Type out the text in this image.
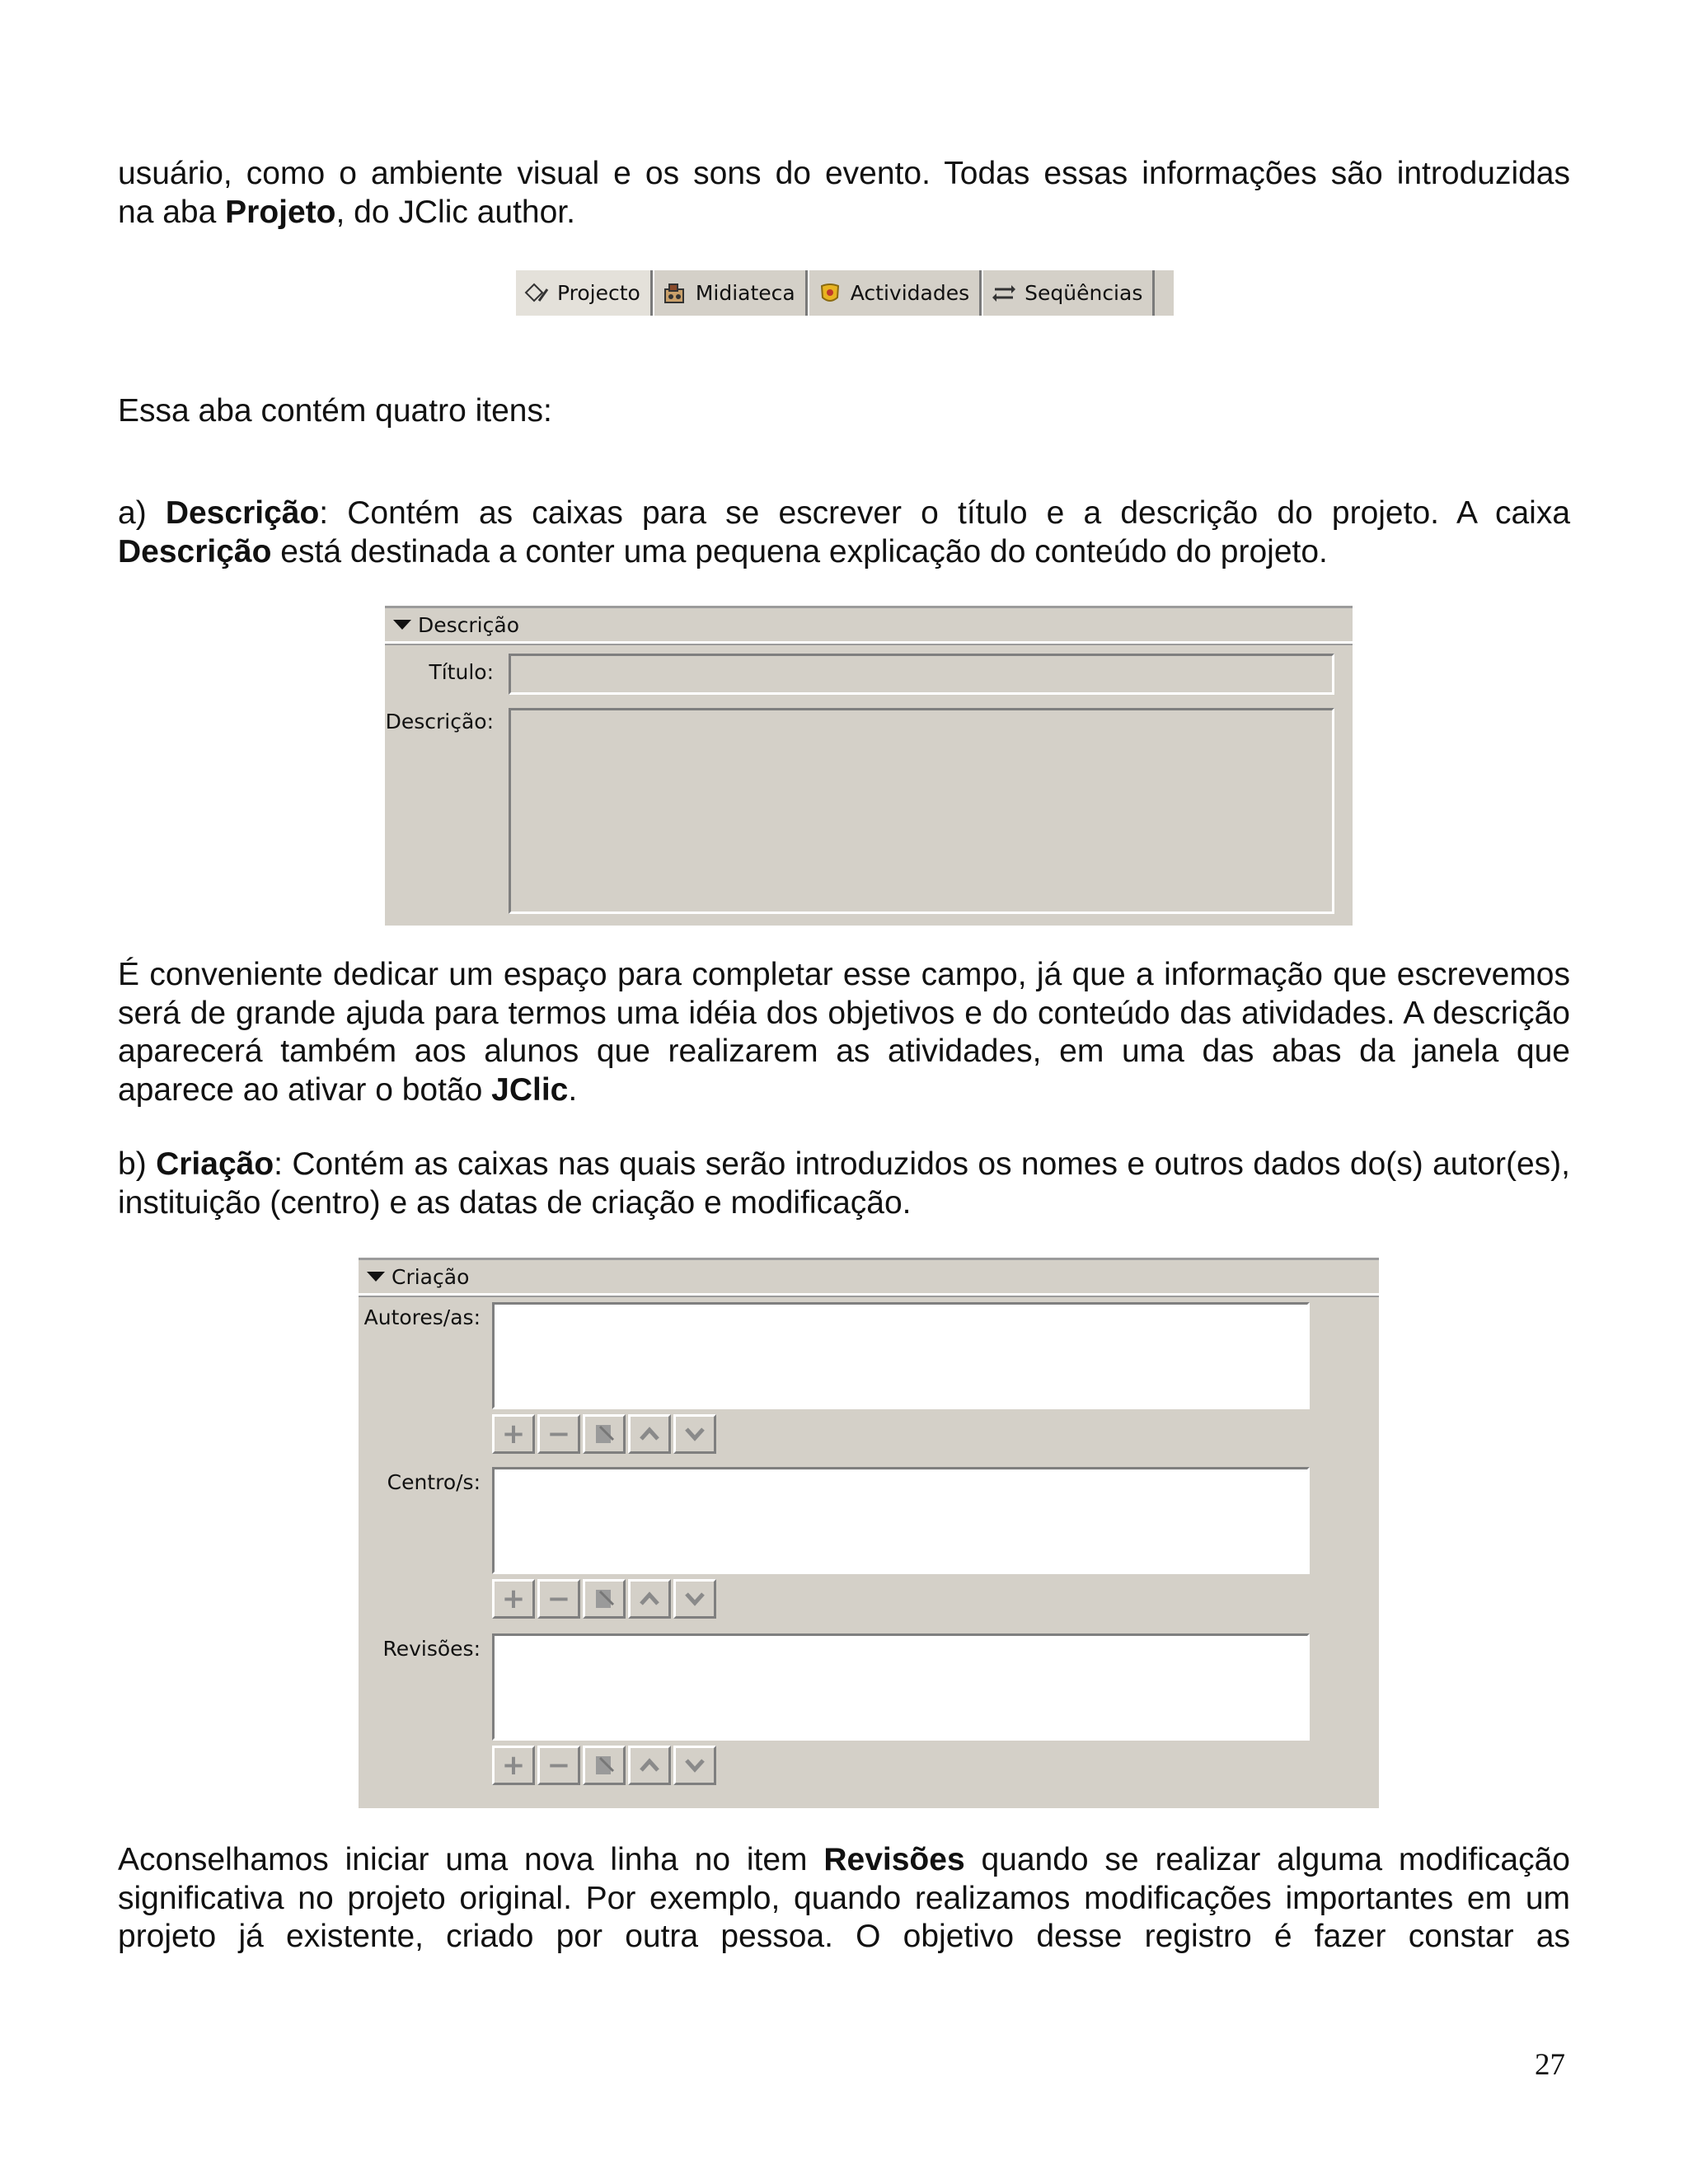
usuário, como o ambiente visual e os sons do evento. Todas essas informações são introduzidas
na aba Projeto, do JClic author.
Projecto	Midiateca	Actividades	Seqüências
Essa aba contém quatro itens:
a) Descrição: Contém as caixas para se escrever o título e a descrição do projeto. A caixa Descrição está destinada a conter uma pequena explicação do conteúdo do projeto.
Descrição
Título:
Descrição:
É conveniente dedicar um espaço para completar esse campo, já que a informação que escrevemos será de grande ajuda para termos uma idéia dos objetivos e do conteúdo das atividades. A descrição aparecerá também aos alunos que realizarem as atividades, em uma das abas da janela que aparece ao ativar o botão JClic.
b) Criação: Contém as caixas nas quais serão introduzidos os nomes e outros dados do(s) autor(es), instituição (centro) e as datas de criação e modificação.
Criação
Autores/as:
+ −
Centro/s:
+ −
Revisões:
+ −
Aconselhamos iniciar uma nova linha no item Revisões quando se realizar alguma modificação significativa no projeto original. Por exemplo, quando realizamos modificações importantes em um projeto já existente, criado por outra pessoa. O objetivo desse registro é fazer constar as
27
